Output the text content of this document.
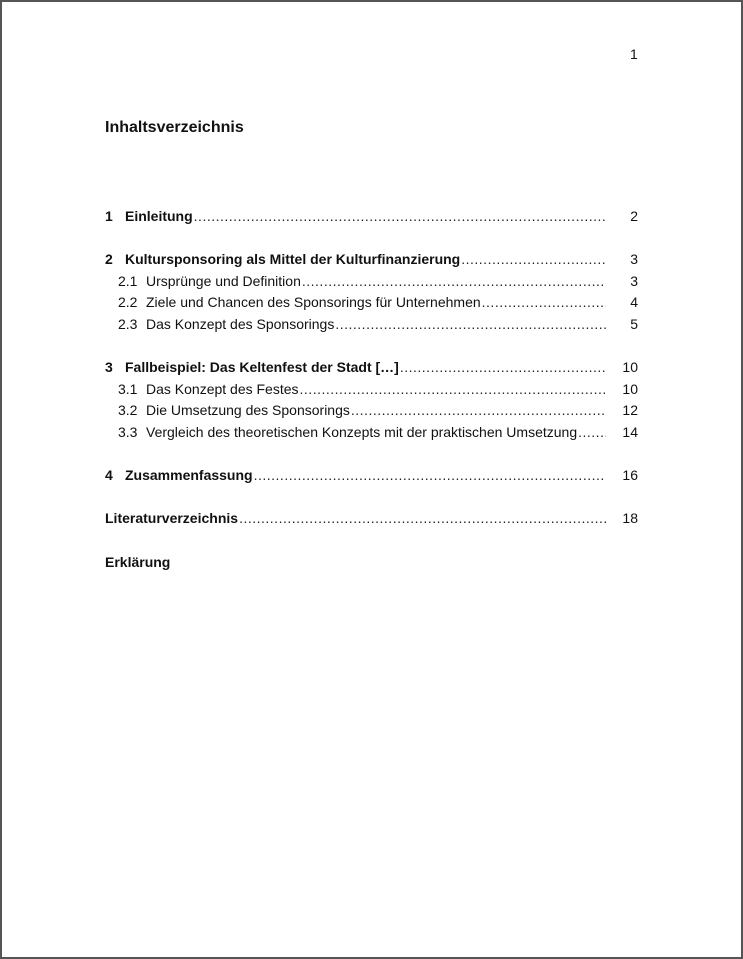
1
Inhaltsverzeichnis
1 Einleitung .....	2
2 Kultursponsoring als Mittel der Kulturfinanzierung .....	3
2.1 Ursprünge und Definition .....	3
2.2 Ziele und Chancen des Sponsorings für Unternehmen .....	4
2.3 Das Konzept des Sponsorings .....	5
3 Fallbeispiel: Das Keltenfest der Stadt […] .....	10
3.1 Das Konzept des Festes .....	10
3.2 Die Umsetzung des Sponsorings .....	12
3.3 Vergleich des theoretischen Konzepts mit der praktischen Umsetzung .....	14
4 Zusammenfassung .....	16
Literaturverzeichnis .....	18
Erklärung
